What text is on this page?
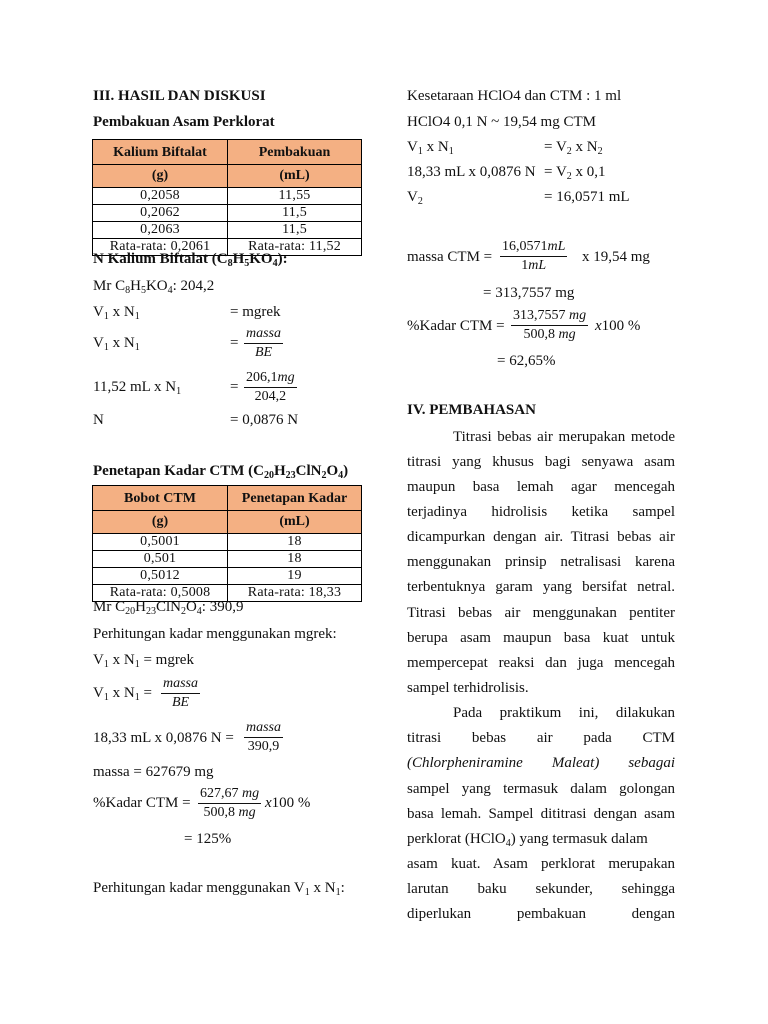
III. HASIL DAN DISKUSI
Pembakuan Asam Perklorat
Kalium Biftalat	Pembakuan
(g)	(mL)
0,2058	11,55
0,2062	11,5
0,2063	11,5
Rata-rata: 0,2061	Rata-rata: 11,52
N Kalium Biftalat $(C_8H_5KO_4)$:
Mr $C_8H_5KO_4$: 204,2
$V_1$ x $N_1$	= mgrek
$V_1$ x $N_1$	=
massa
BE
11,52 mL x $N_1$	= $\frac{206,1mg}{204,2}$
N	= 0,0876 N
Penetapan Kadar CTM $(C_{20}H_{23}ClN_2O_4)$
Bobot CTM	Penetapan Kadar
(g)	(mL)
0,5001	18
0,501	18
0,5012	19
Rata-rata: 0,5008	Rata-rata: 18,33
Mr $C_{20}H_{23}ClN_2O_4$: 390,9
Perhitungan kadar menggunakan mgrek:
$V_1$ x $N_1$ = mgrek
$V_1$ x $N_1$ =
massa
BE
18,33 mL x 0,0876 N =
massa
390,9
massa = 627679 mg
%Kadar CTM = $\frac{627,67 mg}{500,8 mg} x100$ %
= 125%
Perhitungan kadar menggunakan $V_1$ x $N_1$:
Kesetaraan HClO4 dan CTM : 1 ml
HClO4 0,1 N ~ 19,54 mg CTM
$V_1$ x $N_1$	= $V_2$ x $N_2$
18,33 mL x 0,0876 $N = V_2$ x 0,1
$V_2$	= 16,0571 mL
massa CTM = $\frac{16,0571mL}{1mL}$ x 19,54 mg
= 313,7557 mg
%Kadar CTM = $\frac{313,7557 mg}{500,8 mg} x100$ %
= 62,65%
IV. PEMBAHASAN
Titrasi bebas air merupakan metode
titrasi yang khusus bagi senyawa asam
maupun basa lemah agar mencegah
terjadinya hidrolisis ketika sampel
dicampurkan dengan air. Titrasi bebas air
menggunakan prinsip netralisasi karena
terbentuknya garam yang bersifat netral.
Titrasi bebas air menggunakan pentiter
berupa asam maupun basa kuat untuk
mempercepat reaksi dan juga mencegah
sampel terhidrolisis.
Pada praktikum ini, dilakukan
titrasi bebas air pada CTM
(Chlorpheniramine Maleat) sebagai
sampel yang termasuk dalam golongan
basa lemah. Sampel dititrasi dengan asam
perklorat (HClO$_4$) yang termasuk dalam
asam kuat. Asam perklorat merupakan
larutan baku sekunder, sehingga
diperlukan pembakuan dengan
